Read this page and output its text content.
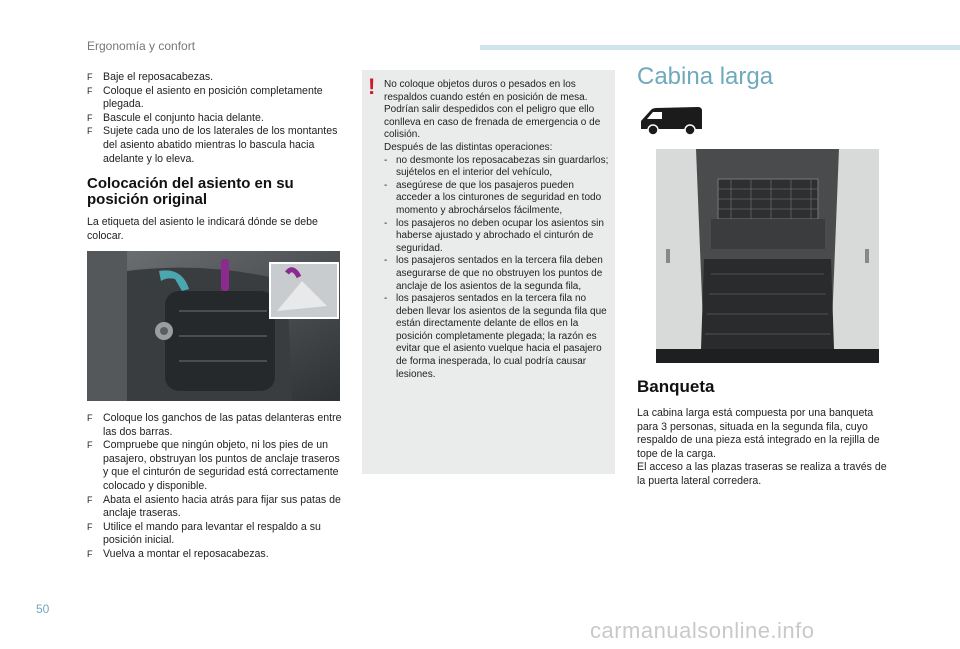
Ergonomía y confort
F Baje el reposacabezas.
F Coloque el asiento en posición completamente plegada.
F Bascule el conjunto hacia delante.
F Sujete cada uno de los laterales de los montantes del asiento abatido mientras lo bascula hacia adelante y lo eleva.
Colocación del asiento en su posición original
La etiqueta del asiento le indicará dónde se debe colocar.
F Coloque los ganchos de las patas delanteras entre las dos barras.
F Compruebe que ningún objeto, ni los pies de un pasajero, obstruyan los puntos de anclaje traseros y que el cinturón de seguridad está correctamente colocado y disponible.
F Abata el asiento hacia atrás para fijar sus patas de anclaje traseras.
F Utilice el mando para levantar el respaldo a su posición inicial.
F Vuelva a montar el reposacabezas.
! No coloque objetos duros o pesados en los respaldos cuando estén en posición de mesa. Podrían salir despedidos con el peligro que ello conlleva en caso de frenada de emergencia o de colisión.
Después de las distintas operaciones:
- no desmonte los reposacabezas sin guardarlos; sujételos en el interior del vehículo,
- asegúrese de que los pasajeros pueden acceder a los cinturones de seguridad en todo momento y abrochárselos fácilmente,
- los pasajeros no deben ocupar los asientos sin haberse ajustado y abrochado el cinturón de seguridad.
- los pasajeros sentados en la tercera fila deben asegurarse de que no obstruyen los puntos de anclaje de los asientos de la segunda fila,
- los pasajeros sentados en la tercera fila no deben llevar los asientos de la segunda fila que están directamente delante de ellos en la posición completamente plegada; la razón es evitar que el asiento vuelque hacia el pasajero de forma inesperada, lo cual podría causar lesiones.
Cabina larga
Banqueta
La cabina larga está compuesta por una banqueta para 3 personas, situada en la segunda fila, cuyo respaldo de una pieza está integrado en la rejilla de tope de la carga.
El acceso a las plazas traseras se realiza a través de la puerta lateral corredera.
50
carmanualsonline.info
